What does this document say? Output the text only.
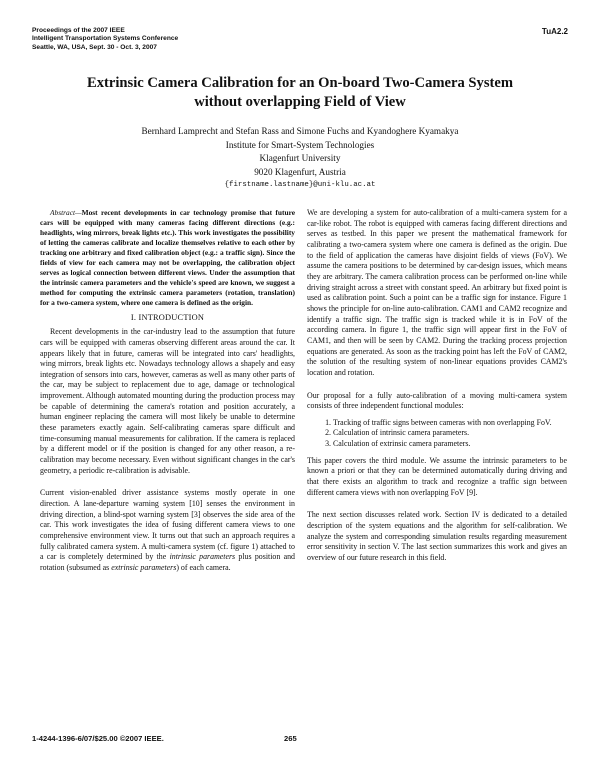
Proceedings of the 2007 IEEE
Intelligent Transportation Systems Conference
Seattle, WA, USA, Sept. 30 - Oct. 3, 2007
TuA2.2
Extrinsic Camera Calibration for an On-board Two-Camera System
without overlapping Field of View
Bernhard Lamprecht and Stefan Rass and Simone Fuchs and Kyandoghere Kyamakya
Institute for Smart-System Technologies
Klagenfurt University
9020 Klagenfurt, Austria
{firstname.lastname}@uni-klu.ac.at

Abstract—Most recent developments in car technology promise that future cars will be equipped with many cameras facing different directions (e.g.: headlights, wing mirrors, break lights etc.). This work investigates the possibility of letting the cameras calibrate and localize themselves relative to each other by tracking one arbitrary and fixed calibration object (e.g.: a traffic sign). Since the fields of view for each camera may not be overlapping, the calibration object serves as logical connection between different views. Under the assumption that the intrinsic camera parameters and the vehicle's speed are known, we suggest a method for computing the extrinsic camera parameters (rotation, translation) for a two-camera system, where one camera is defined as the origin.

I. INTRODUCTION

Recent developments in the car-industry lead to the assumption that future cars will be equipped with cameras observing different areas around the car. It appears likely that in future, cameras will be integrated into cars' headlights, wing mirrors, break lights etc. Nowadays technology allows a shapely and easy integration of sensors into cars, however, cameras as well as many other parts of the car, may be subject to replacement due to age, damage or technological improvement. Although automated mounting during the production process may be capable of determining the camera's rotation and position accurately, a human engineer replacing the camera will most likely be unable to determine these parameters exactly again. Self-calibrating cameras spare difficult and time-consuming manual measurements for calibration. If the camera is replaced by a different model or if the position is changed for any other reason, a re-calibration may become necessary. Even without significant changes in the car's geometry, a periodic re-calibration is advisable.

Current vision-enabled driver assistance systems mostly operate in one direction. A lane-departure warning system [10] senses the environment in driving direction, a blind-spot warning system [3] observes the side area of the car. This work investigates the idea of fusing different camera views to one comprehensive environment view. It turns out that such an approach requires a fully calibrated camera system. A multi-camera system (cf. figure 1) attached to a car is completely determined by the intrinsic parameters plus position and rotation (subsumed as extrinsic parameters) of each camera.

We are developing a system for auto-calibration of a multi-camera system for a car-like robot. The robot is equipped with cameras facing different directions and serves as testbed. In this paper we present the mathematical framework for calibrating a two-camera system where one camera is defined as the origin. Due to the field of application the cameras have disjoint fields of views (FoV). We assume the camera positions to be determined by car-design issues, which means they are arbitrary. The camera calibration process can be performed on-line while driving straight across a street with constant speed. An arbitrary but fixed point is used as calibration point. Such a point can be a traffic sign for instance. Figure 1 shows the principle for on-line auto-calibration. CAM1 and CAM2 recognize and identify a traffic sign. The traffic sign is tracked while it is in FoV of the according camera. In figure 1, the traffic sign will appear first in the FoV of CAM1, and then will be seen by CAM2. During the tracking process projection equations are generated. As soon as the tracking point has left the FoV of CAM2, the solution of the resulting system of non-linear equations provides CAM2's location and rotation.

Our proposal for a fully auto-calibration of a moving multi-camera system consists of three independent functional modules:

1. Tracking of traffic signs between cameras with non overlapping FoV.
2. Calculation of intrinsic camera parameters.
3. Calculation of extrinsic camera parameters.

This paper covers the third module. We assume the intrinsic parameters to be known a priori or that they can be determined automatically during driving and that there exists an algorithm to track and recognize a traffic sign between different camera views with non overlapping FoV [9].

The next section discusses related work. Section IV is dedicated to a detailed description of the system equations and the algorithm for self-calibration. We analyze the system and corresponding simulation results regarding measurement error sensitivity in section V. The last section summarizes this work and gives an overview of our future research in this field.

1-4244-1396-6/07/$25.00 ©2007 IEEE.	265
